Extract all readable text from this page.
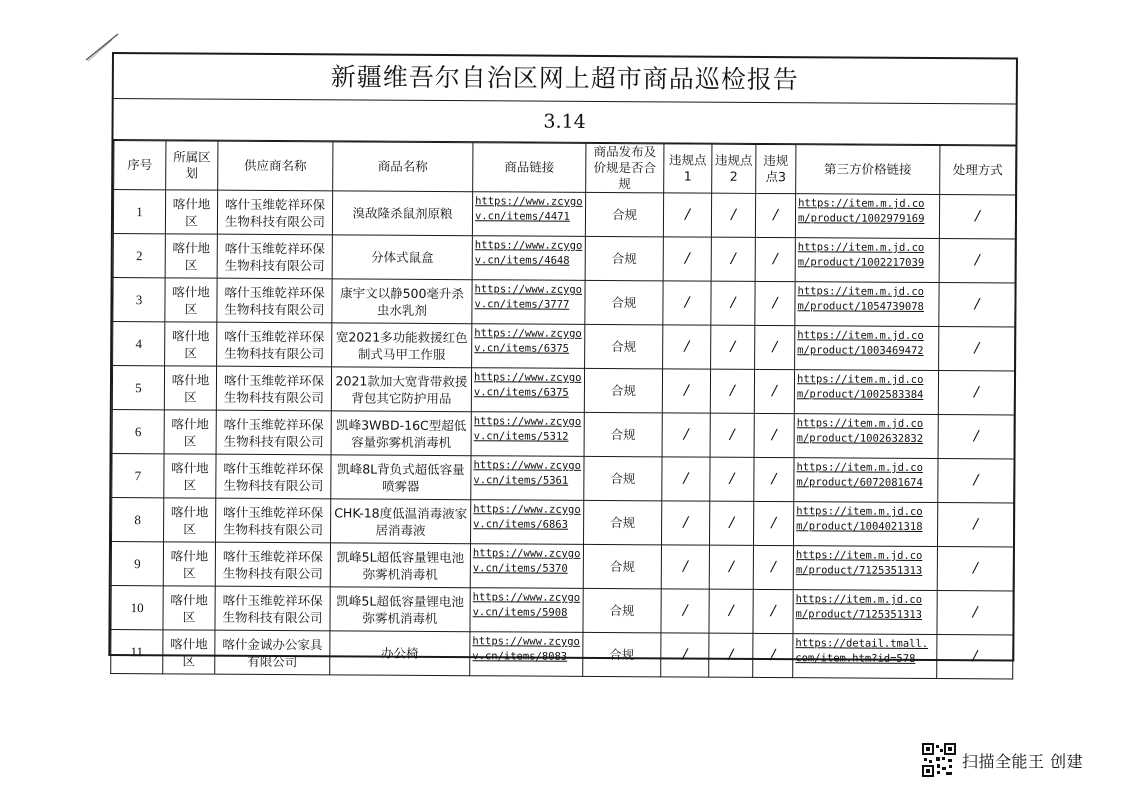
新疆维吾尔自治区网上超市商品巡检报告
3.14
序号	所属区划	供应商名称	商品名称	商品链接	商品发布及价规是否合规	违规点1	违规点2	违规点3	第三方价格链接	处理方式
1	喀什地区	喀什玉维乾祥环保生物科技有限公司	溴敌隆杀鼠剂原粮	https://www.zcygov.cn/items/4471	合规	/	/	/	https://item.m.jd.com/product/1002979169	/
2	喀什地区	喀什玉维乾祥环保生物科技有限公司	分体式鼠盒	https://www.zcygov.cn/items/4648	合规	/	/	/	https://item.m.jd.com/product/1002217039	/
3	喀什地区	喀什玉维乾祥环保生物科技有限公司	康宇文以静500毫升杀虫水乳剂	https://www.zcygov.cn/items/3777	合规	/	/	/	https://item.m.jd.com/product/1054739078	/
4	喀什地区	喀什玉维乾祥环保生物科技有限公司	宽2021多功能救援红色制式马甲工作服	https://www.zcygov.cn/items/6375	合规	/	/	/	https://item.m.jd.com/product/1003469472	/
5	喀什地区	喀什玉维乾祥环保生物科技有限公司	2021款加大宽背带救援背包其它防护用品	https://www.zcygov.cn/items/6375	合规	/	/	/	https://item.m.jd.com/product/1002583384	/
6	喀什地区	喀什玉维乾祥环保生物科技有限公司	凯峰3WBD-16C型超低容量弥雾机消毒机	https://www.zcygov.cn/items/5312	合规	/	/	/	https://item.m.jd.com/product/1002632832	/
7	喀什地区	喀什玉维乾祥环保生物科技有限公司	凯峰8L背负式超低容量喷雾器	https://www.zcygov.cn/items/5361	合规	/	/	/	https://item.m.jd.com/product/6072081674	/
8	喀什地区	喀什玉维乾祥环保生物科技有限公司	CHK-18度低温消毒液家居消毒液	https://www.zcygov.cn/items/6863	合规	/	/	/	https://item.m.jd.com/product/1004021318	/
9	喀什地区	喀什玉维乾祥环保生物科技有限公司	凯峰5L超低容量锂电池弥雾机消毒机	https://www.zcygov.cn/items/5370	合规	/	/	/	https://item.m.jd.com/product/7125351313	/
10	喀什地区	喀什玉维乾祥环保生物科技有限公司	凯峰5L超低容量锂电池弥雾机消毒机	https://www.zcygov.cn/items/5908	合规	/	/	/	https://item.m.jd.com/product/7125351313	/
11	喀什地区	喀什金诚办公家具有限公司	办公椅	https://www.zcygov.cn/items/8083	合规	/	/	/	https://detail.tmall.com/item.htm?id=578	/
扫描全能王 创建
